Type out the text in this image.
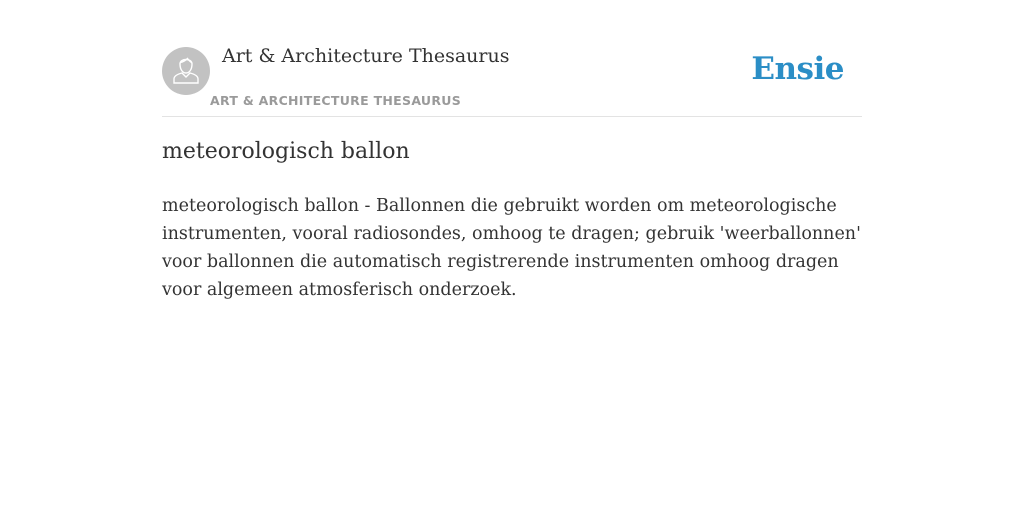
Art & Architecture Thesaurus
ART & ARCHITECTURE THESAURUS
Ensie
meteorologisch ballon

meteorologisch ballon - Ballonnen die gebruikt worden om meteorologische instrumenten, vooral radiosondes, omhoog te dragen; gebruik 'weerballonnen' voor ballonnen die automatisch registrerende instrumenten omhoog dragen voor algemeen atmosferisch onderzoek.
